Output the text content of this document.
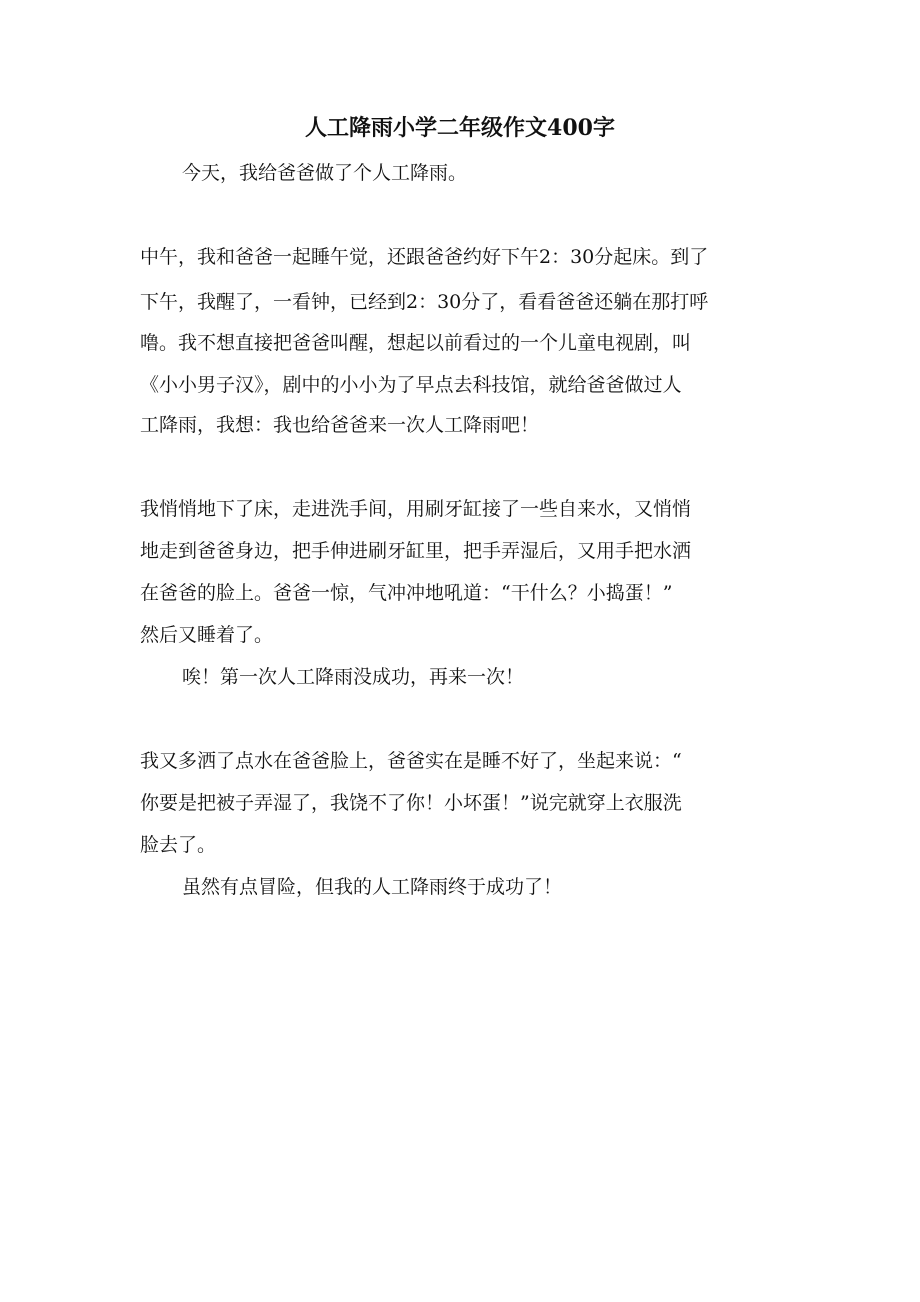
人工降雨小学二年级作文400字

今天，我给爸爸做了个人工降雨。

中午，我和爸爸一起睡午觉，还跟爸爸约好下午2：30分起床。到了

下午，我醒了，一看钟，已经到2：30分了，看看爸爸还躺在那打呼

噜。我不想直接把爸爸叫醒，想起以前看过的一个儿童电视剧，叫

《小小男子汉》，剧中的小小为了早点去科技馆，就给爸爸做过人

工降雨，我想：我也给爸爸来一次人工降雨吧！

我悄悄地下了床，走进洗手间，用刷牙缸接了一些自来水，又悄悄

地走到爸爸身边，把手伸进刷牙缸里，把手弄湿后，又用手把水洒

在爸爸的脸上。爸爸一惊，气冲冲地吼道：“干什么？小捣蛋！”

然后又睡着了。

唉！第一次人工降雨没成功，再来一次！

我又多洒了点水在爸爸脸上，爸爸实在是睡不好了，坐起来说：“

你要是把被子弄湿了，我饶不了你！小坏蛋！”说完就穿上衣服洗

脸去了。

虽然有点冒险，但我的人工降雨终于成功了！
